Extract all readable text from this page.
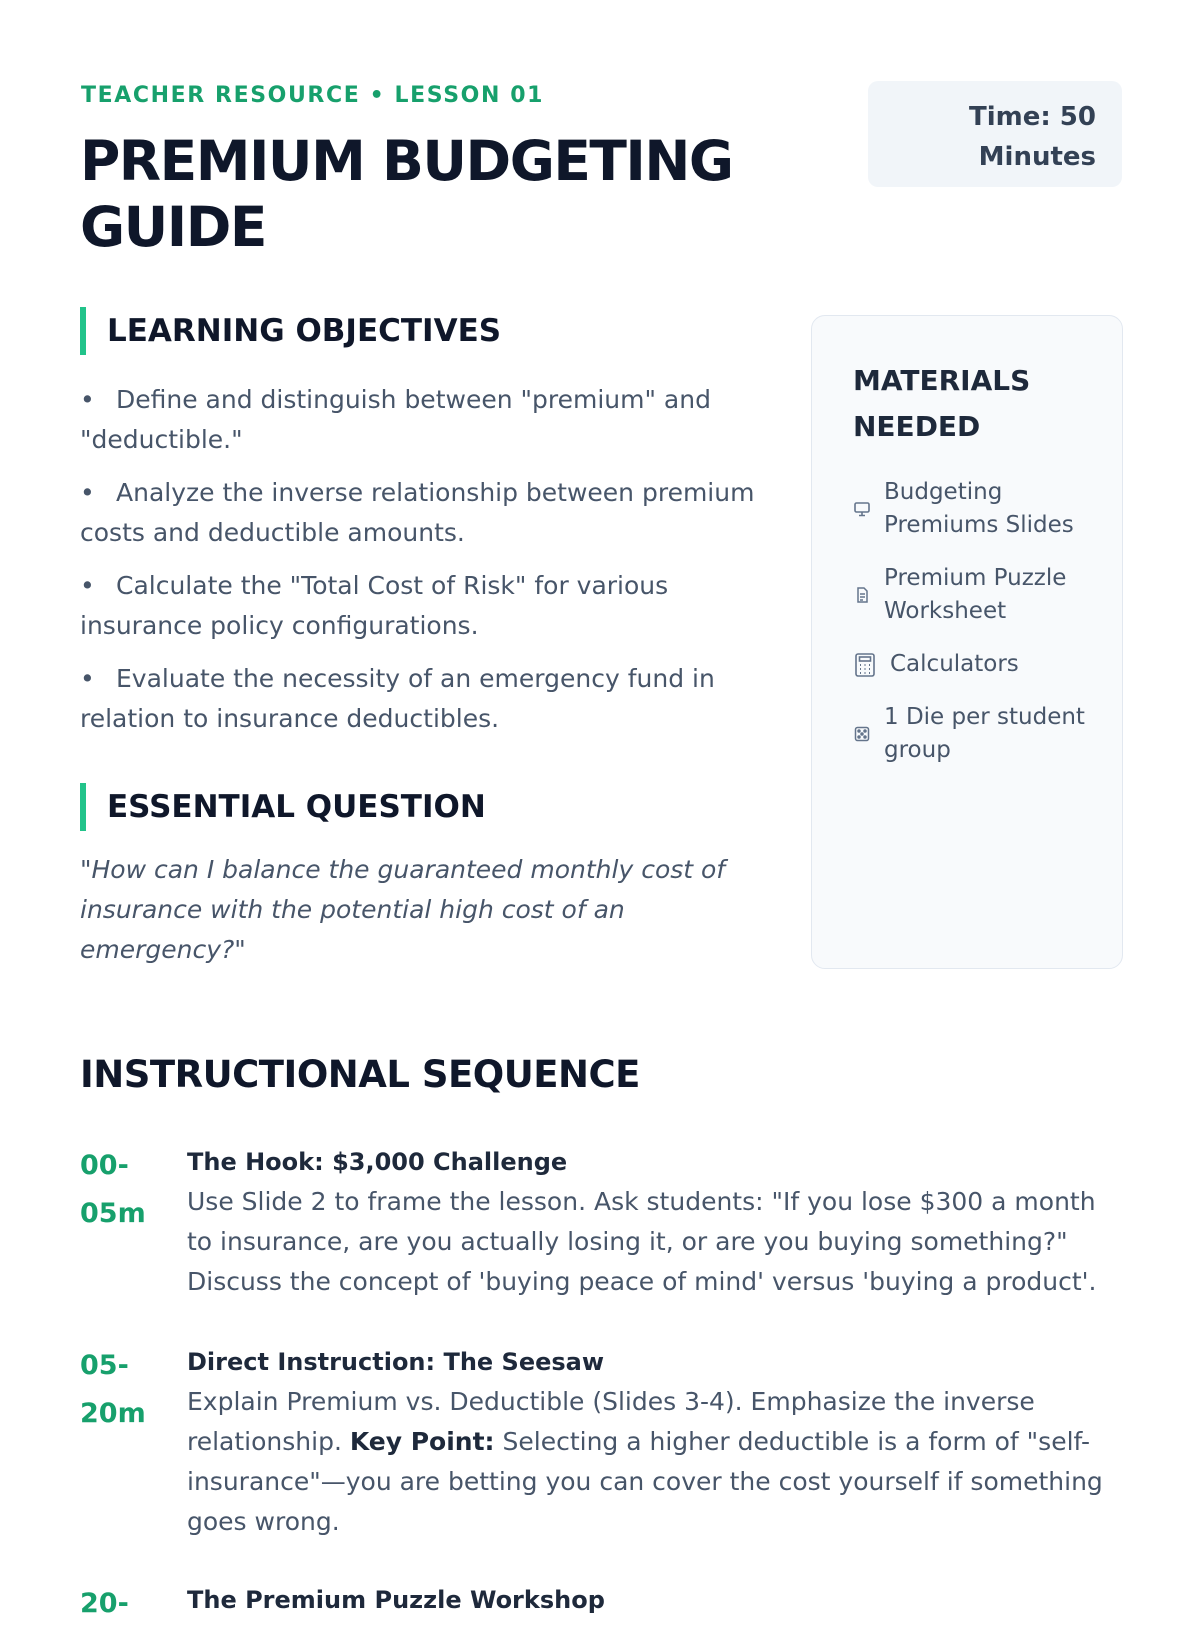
TEACHER RESOURCE • LESSON 01
PREMIUM BUDGETING GUIDE
Time: 50 Minutes
LEARNING OBJECTIVES
• Define and distinguish between "premium" and "deductible."
• Analyze the inverse relationship between premium costs and deductible amounts.
• Calculate the "Total Cost of Risk" for various insurance policy configurations.
• Evaluate the necessity of an emergency fund in relation to insurance deductibles.
ESSENTIAL QUESTION

"How can I balance the guaranteed monthly cost of insurance with the potential high cost of an emergency?"

MATERIALS NEEDED
Budgeting Premiums Slides
Premium Puzzle Worksheet
Calculators
1 Die per student group
INSTRUCTIONAL SEQUENCE
00-05m
The Hook: $3,000 Challenge

Use Slide 2 to frame the lesson. Ask students: "If you lose $300 a month to insurance, are you actually losing it, or are you buying something?" Discuss the concept of 'buying peace of mind' versus 'buying a product'.

05-20m
Direct Instruction: The Seesaw

Explain Premium vs. Deductible (Slides 3-4). Emphasize the inverse relationship. Key Point: Selecting a higher deductible is a form of "self-insurance"—you are betting you can cover the cost yourself if something goes wrong.

20-	The Premium Puzzle Workshop
